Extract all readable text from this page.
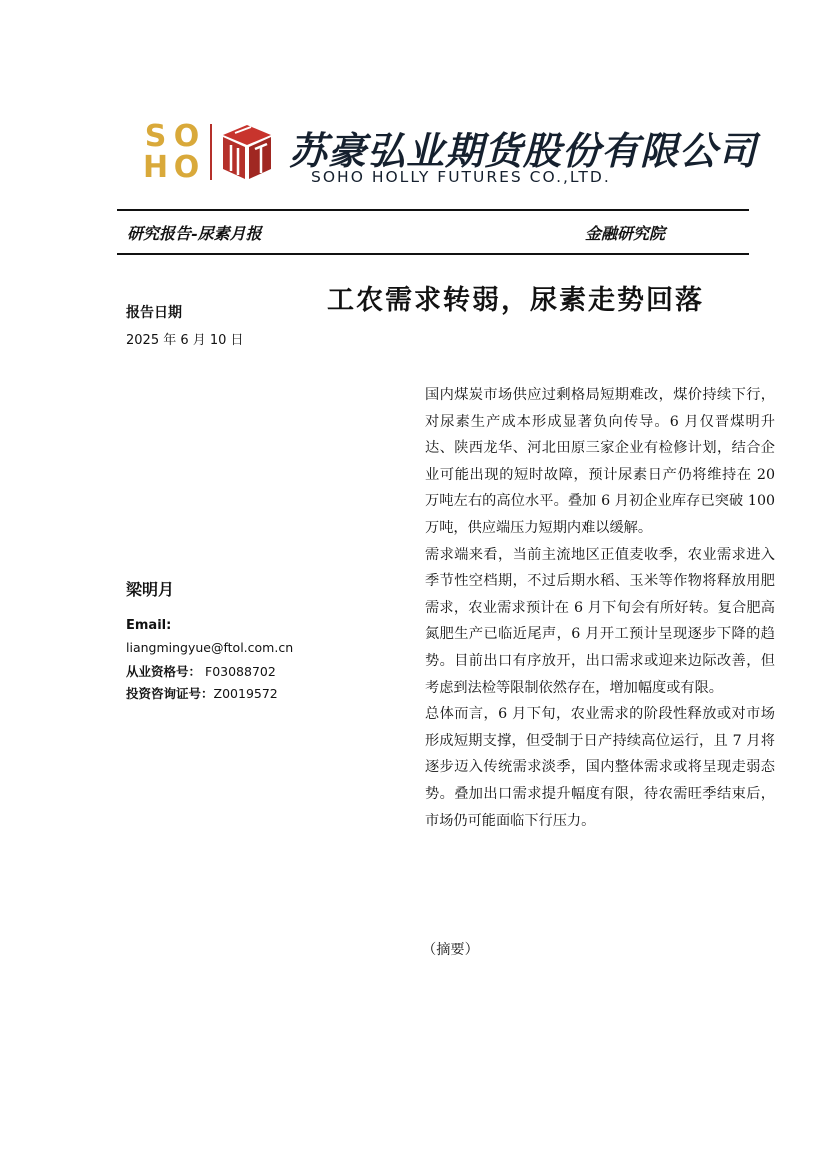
S O
H O 苏豪弘业期货股份有限公司
SOHO HOLLY FUTURES CO.,LTD.
研究报告-尿素月报	金融研究院
工农需求转弱，尿素走势回落
报告日期
2025 年 6 月 10 日
梁明月
Email:
liangmingyue@ftol.com.cn
从业资格号： F03088702
投资咨询证号：Z0019572

国内煤炭市场供应过剩格局短期难改，煤价持续下行，对尿素生产成本形成显著负向传导。6 月仅晋煤明升达、陕西龙华、河北田原三家企业有检修计划，结合企业可能出现的短时故障，预计尿素日产仍将维持在 20 万吨左右的高位水平。叠加 6 月初企业库存已突破 100 万吨，供应端压力短期内难以缓解。

需求端来看，当前主流地区正值麦收季，农业需求进入季节性空档期，不过后期水稻、玉米等作物将释放用肥需求，农业需求预计在 6 月下旬会有所好转。复合肥高氮肥生产已临近尾声，6 月开工预计呈现逐步下降的趋势。目前出口有序放开，出口需求或迎来边际改善，但考虑到法检等限制依然存在，增加幅度或有限。

总体而言，6 月下旬，农业需求的阶段性释放或对市场形成短期支撑，但受制于日产持续高位运行，且 7 月将逐步迈入传统需求淡季，国内整体需求或将呈现走弱态势。叠加出口需求提升幅度有限，待农需旺季结束后，市场仍可能面临下行压力。

（摘要）
